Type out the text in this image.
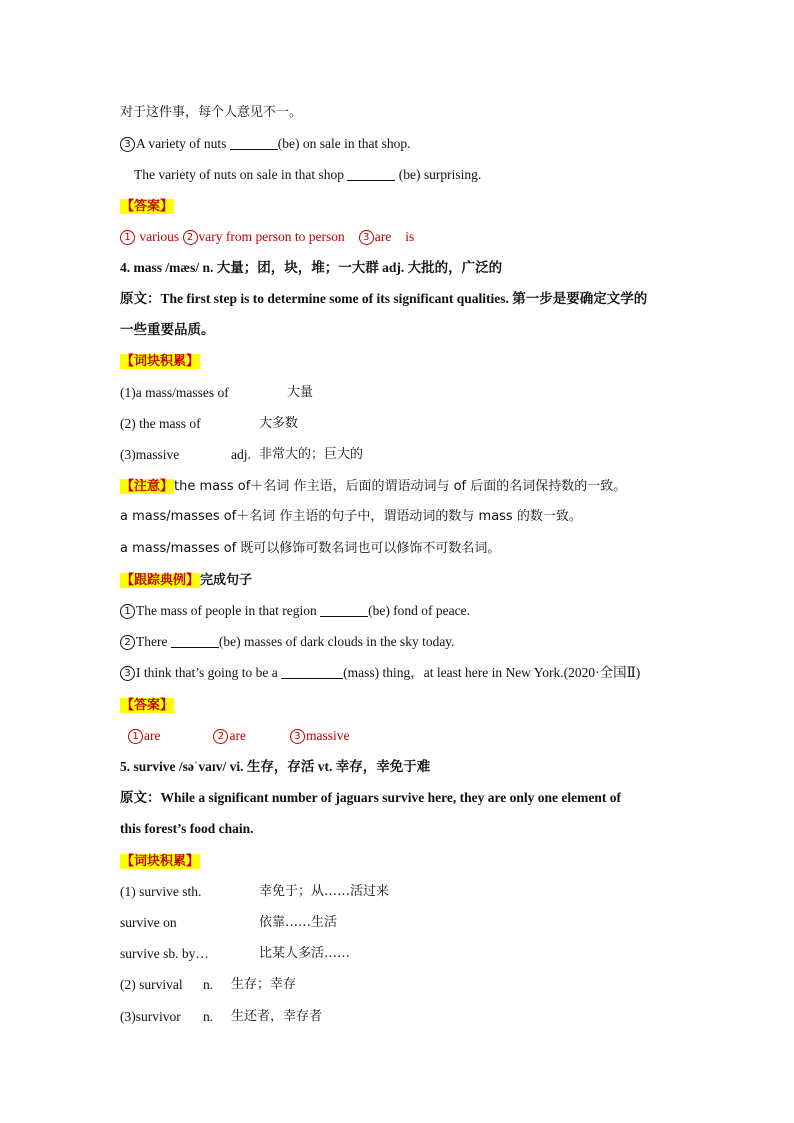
对于这件事，每个人意见不一。
3 A variety of nuts	(be) on sale in that shop.
The variety of nuts on sale in that shop	(be) surprising.
【答案】
1 various 2 vary from person to person 3 are is
4. mass /mæs/ n. 大量；团，块，堆；一大群 adj. 大批的，广泛的
原文：The first step is to determine some of its significant qualities. 第一步是要确定文学的
一些重要品质。
【词块积累】
(1)a mass/masses of	大量
(2) the mass of	大多数
(3)massive	adj. 非常大的；巨大的
【注意】the mass of＋名词 作主语，后面的谓语动词与 of 后面的名词保持数的一致。
a mass/masses of＋名词 作主语的句子中，谓语动词的数与 mass 的数一致。
a mass/masses of 既可以修饰可数名词也可以修饰不可数名词。
【跟踪典例】完成句子
1 The mass of people in that region	(be) fond of peace.
2 There	(be) masses of dark clouds in the sky today.
3 I think that’s going to be a	(mass) thing，at least here in New York.(2020·全国Ⅱ)
【答案】
1 are	2 are	3 massive
5. survive /səˈvaɪv/ vi. 生存，存活 vt. 幸存，幸免于难
原文：While a significant number of jaguars survive here, they are only one element of
this forest’s food chain.
【词块积累】
(1) survive sth.	幸免于；从……活过来
survive on	依靠……生活
survive sb. by…	比某人多活……
(2) survival n. 生存；幸存
(3)survivor n. 生还者，幸存者
